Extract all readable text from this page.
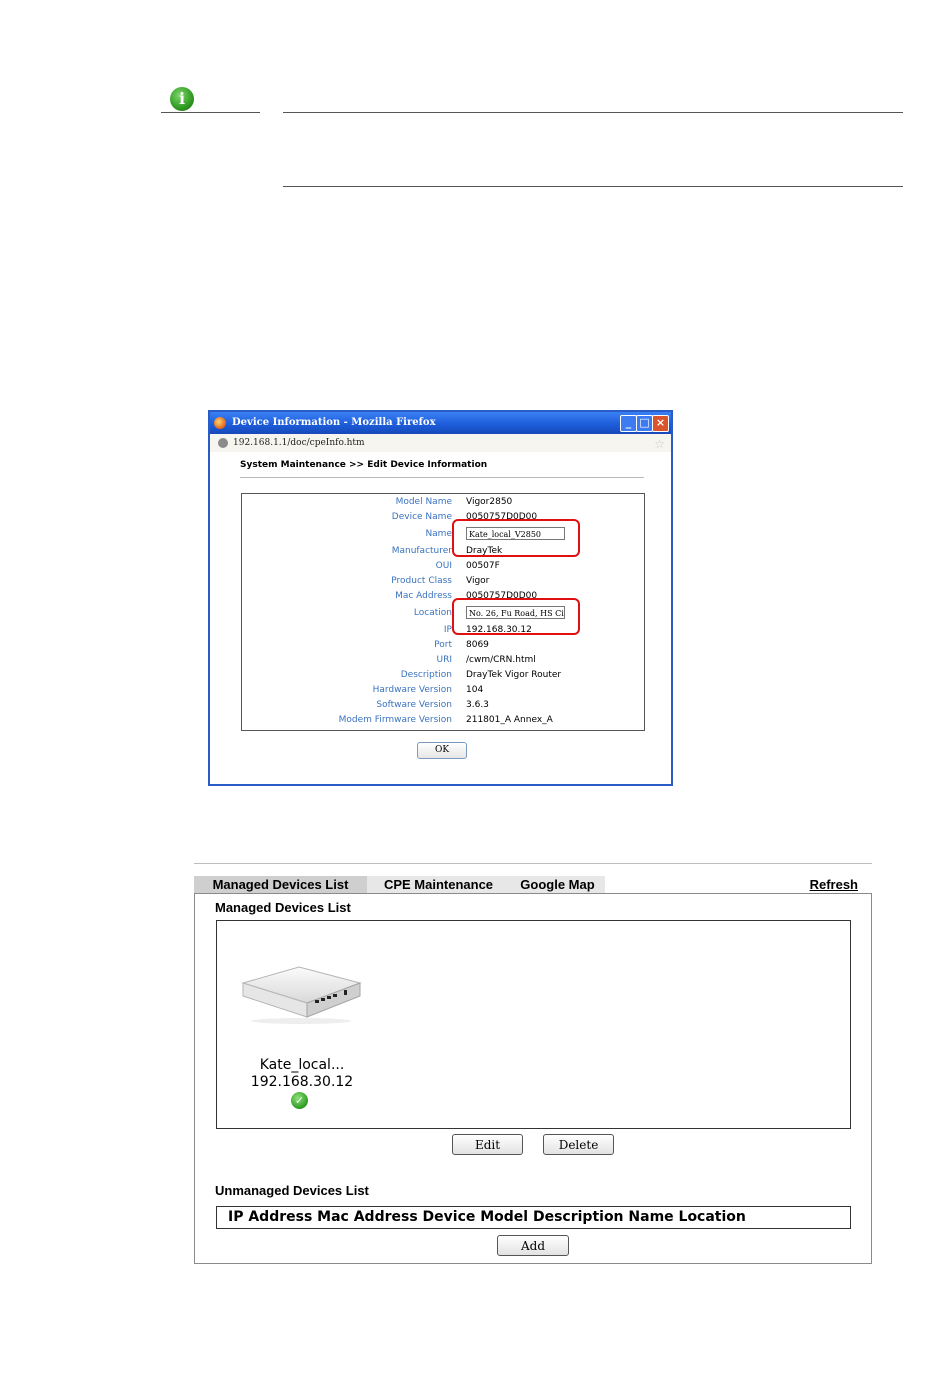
i
Device Information - Mozilla Firefox	_ □ ×
192.168.1.1/doc/cpeInfo.htm	☆
System Maintenance >> Edit Device Information
Model Name Vigor2850
Device Name 0050757D0D00
Name	Kate_local_V2850
Manufacturer DrayTek
OUI 00507F
Product Class Vigor
Mac Address 0050757D0D00
Location	No. 26, Fu Road, HS Ci
IP 192.168.30.12
Port 8069
URI /cwm/CRN.html
Description DrayTek Vigor Router
Hardware Version 104
Software Version 3.6.3
Modem Firmware Version 211801_A Annex_A
OK
Managed Devices List	CPE Maintenance	Google Map	Refresh
Managed Devices List
Kate_local...
192.168.30.12
✓
Edit	Delete
Unmanaged Devices List
IP Address Mac Address Device Model Description Name Location
Add
